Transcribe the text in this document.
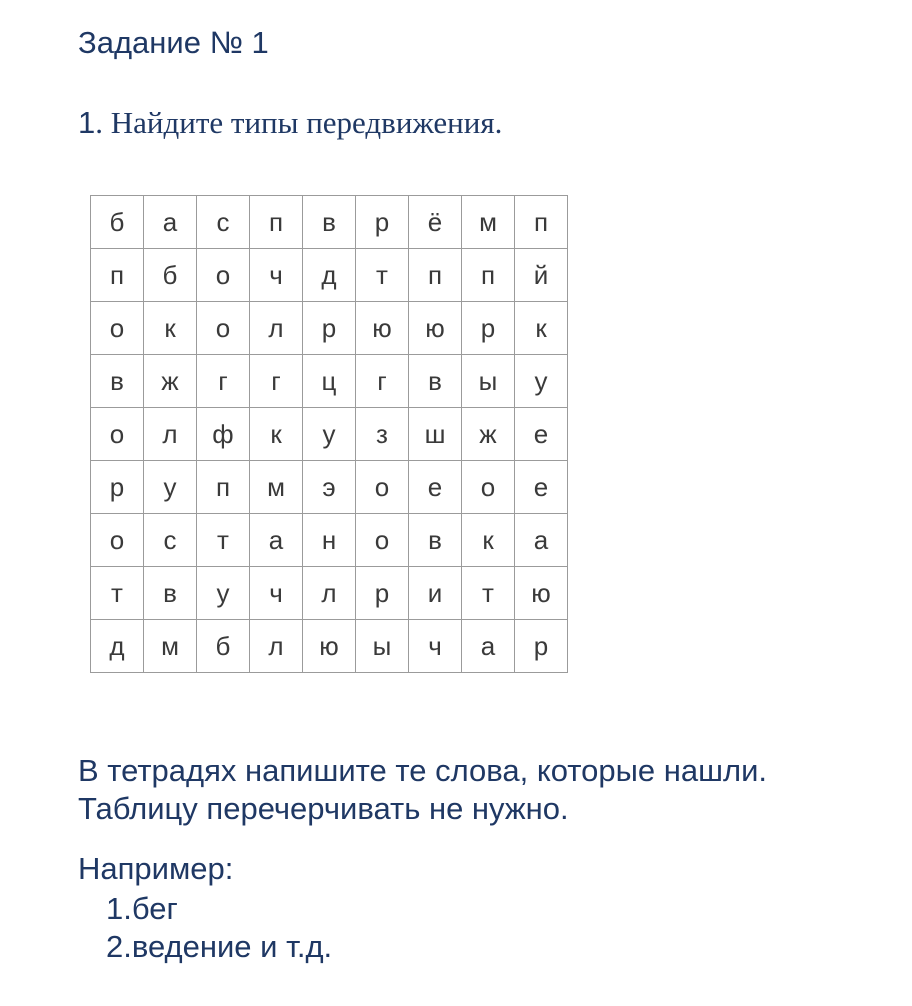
Задание № 1
1. Найдите типы передвижения.
б	а	с	п	в	р	ё	м	п
п	б	о	ч	д	т	п	п	й
о	к	о	л	р	ю	ю	р	к
в	ж	г	г	ц	г	в	ы	у
о	л	ф	к	у	з	ш	ж	е
р	у	п	м	э	о	е	о	е
о	с	т	а	н	о	в	к	а
т	в	у	ч	л	р	и	т	ю
д	м	б	л	ю	ы	ч	а	р
В тетрадях напишите те слова, которые нашли.
Таблицу перечерчивать не нужно.
Например:
1.бег
2.ведение и т.д.
